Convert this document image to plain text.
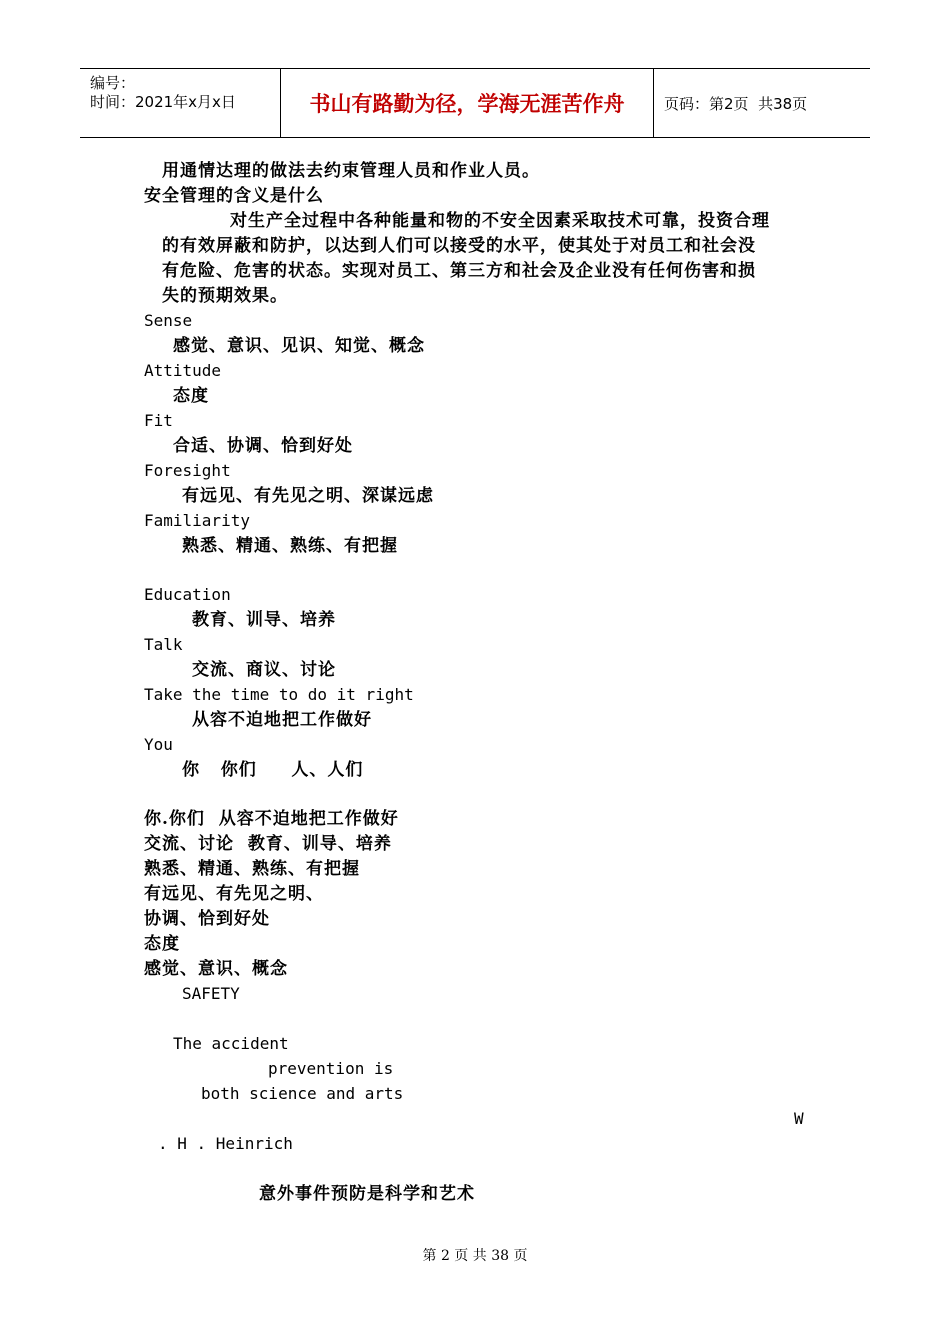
编号：
时间：2021年x月x日	书山有路勤为径，学海无涯苦作舟	页码：第2页  共38页
用通情达理的做法去约束管理人员和作业人员。
安全管理的含义是什么
对生产全过程中各种能量和物的不安全因素采取技术可靠，投资合理
的有效屏蔽和防护，以达到人们可以接受的水平，使其处于对员工和社会没
有危险、危害的状态。实现对员工、第三方和社会及企业没有任何伤害和损
失的预期效果。
Sense
感觉、意识、见识、知觉、概念
Attitude
态度
Fit
合适、协调、恰到好处
Foresight
有远见、有先见之明、深谋远虑
Familiarity
熟悉、精通、熟练、有把握
Education
教育、训导、培养
Talk
交流、商议、讨论
Take the time to do it right
从容不迫地把工作做好
You
你   你们     人、人们
你.你们  从容不迫地把工作做好
交流、讨论  教育、训导、培养
熟悉、精通、熟练、有把握
有远见、有先见之明、
协调、恰到好处
态度
感觉、意识、概念
SAFETY
The accident
prevention is
both science and arts
W
. H . Heinrich
意外事件预防是科学和艺术
第 2 页 共 38 页
